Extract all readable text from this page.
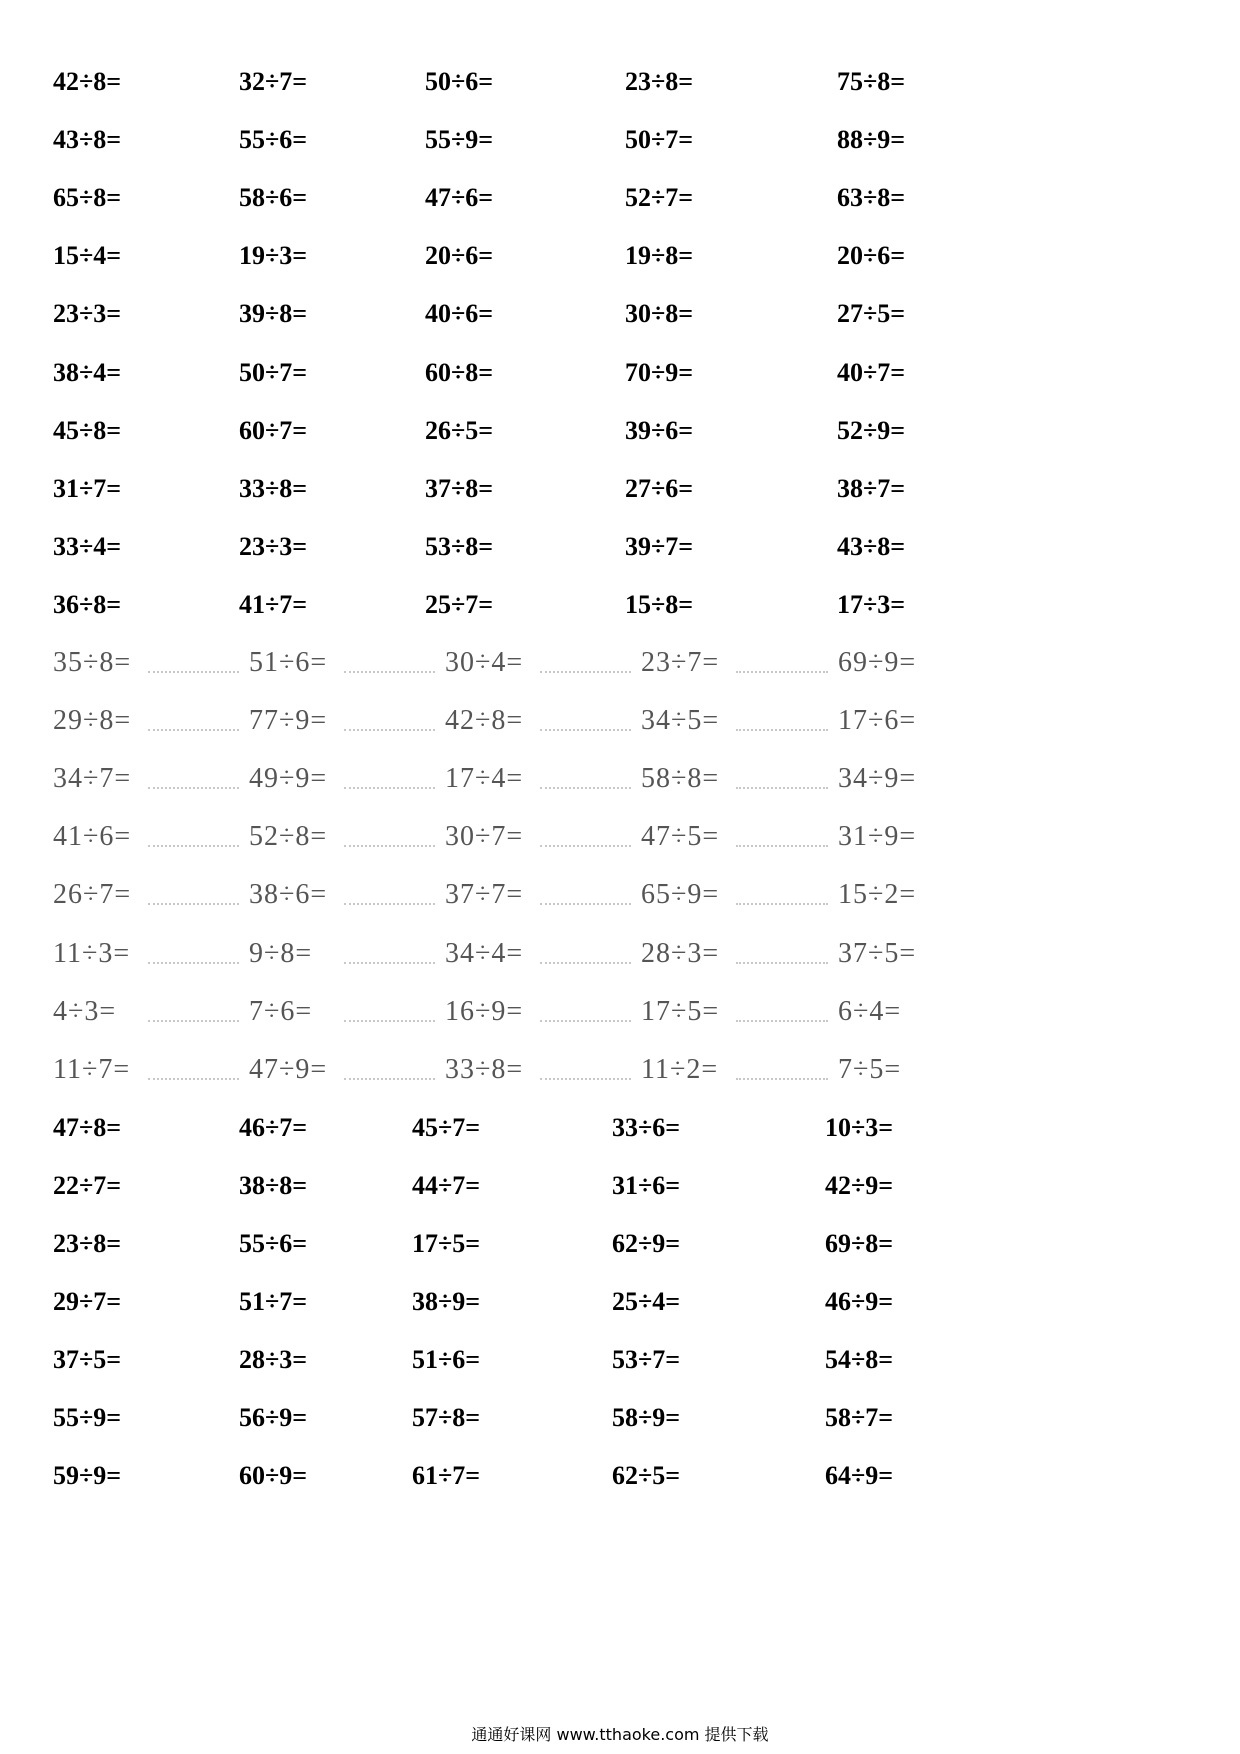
42÷8=	32÷7=	50÷6=	23÷8=	75÷8=
43÷8=	55÷6=	55÷9=	50÷7=	88÷9=
65÷8=	58÷6=	47÷6=	52÷7=	63÷8=
15÷4=	19÷3=	20÷6=	19÷8=	20÷6=
23÷3=	39÷8=	40÷6=	30÷8=	27÷5=
38÷4=	50÷7=	60÷8=	70÷9=	40÷7=
45÷8=	60÷7=	26÷5=	39÷6=	52÷9=
31÷7=	33÷8=	37÷8=	27÷6=	38÷7=
33÷4=	23÷3=	53÷8=	39÷7=	43÷8=
36÷8=	41÷7=	25÷7=	15÷8=	17÷3=
35÷8=	51÷6=	30÷4=	23÷7=	69÷9=
29÷8=	77÷9=	42÷8=	34÷5=	17÷6=
34÷7=	49÷9=	17÷4=	58÷8=	34÷9=
41÷6=	52÷8=	30÷7=	47÷5=	31÷9=
26÷7=	38÷6=	37÷7=	65÷9=	15÷2=
11÷3=	9÷8=	34÷4=	28÷3=	37÷5=
4÷3=	7÷6=	16÷9=	17÷5=	6÷4=
11÷7=	47÷9=	33÷8=	11÷2=	7÷5=
47÷8=	46÷7=	45÷7=	33÷6=	10÷3=
22÷7=	38÷8=	44÷7=	31÷6=	42÷9=
23÷8=	55÷6=	17÷5=	62÷9=	69÷8=
29÷7=	51÷7=	38÷9=	25÷4=	46÷9=
37÷5=	28÷3=	51÷6=	53÷7=	54÷8=
55÷9=	56÷9=	57÷8=	58÷9=	58÷7=
59÷9=	60÷9=	61÷7=	62÷5=	64÷9=
通通好课网 www.tthaoke.com 提供下载
